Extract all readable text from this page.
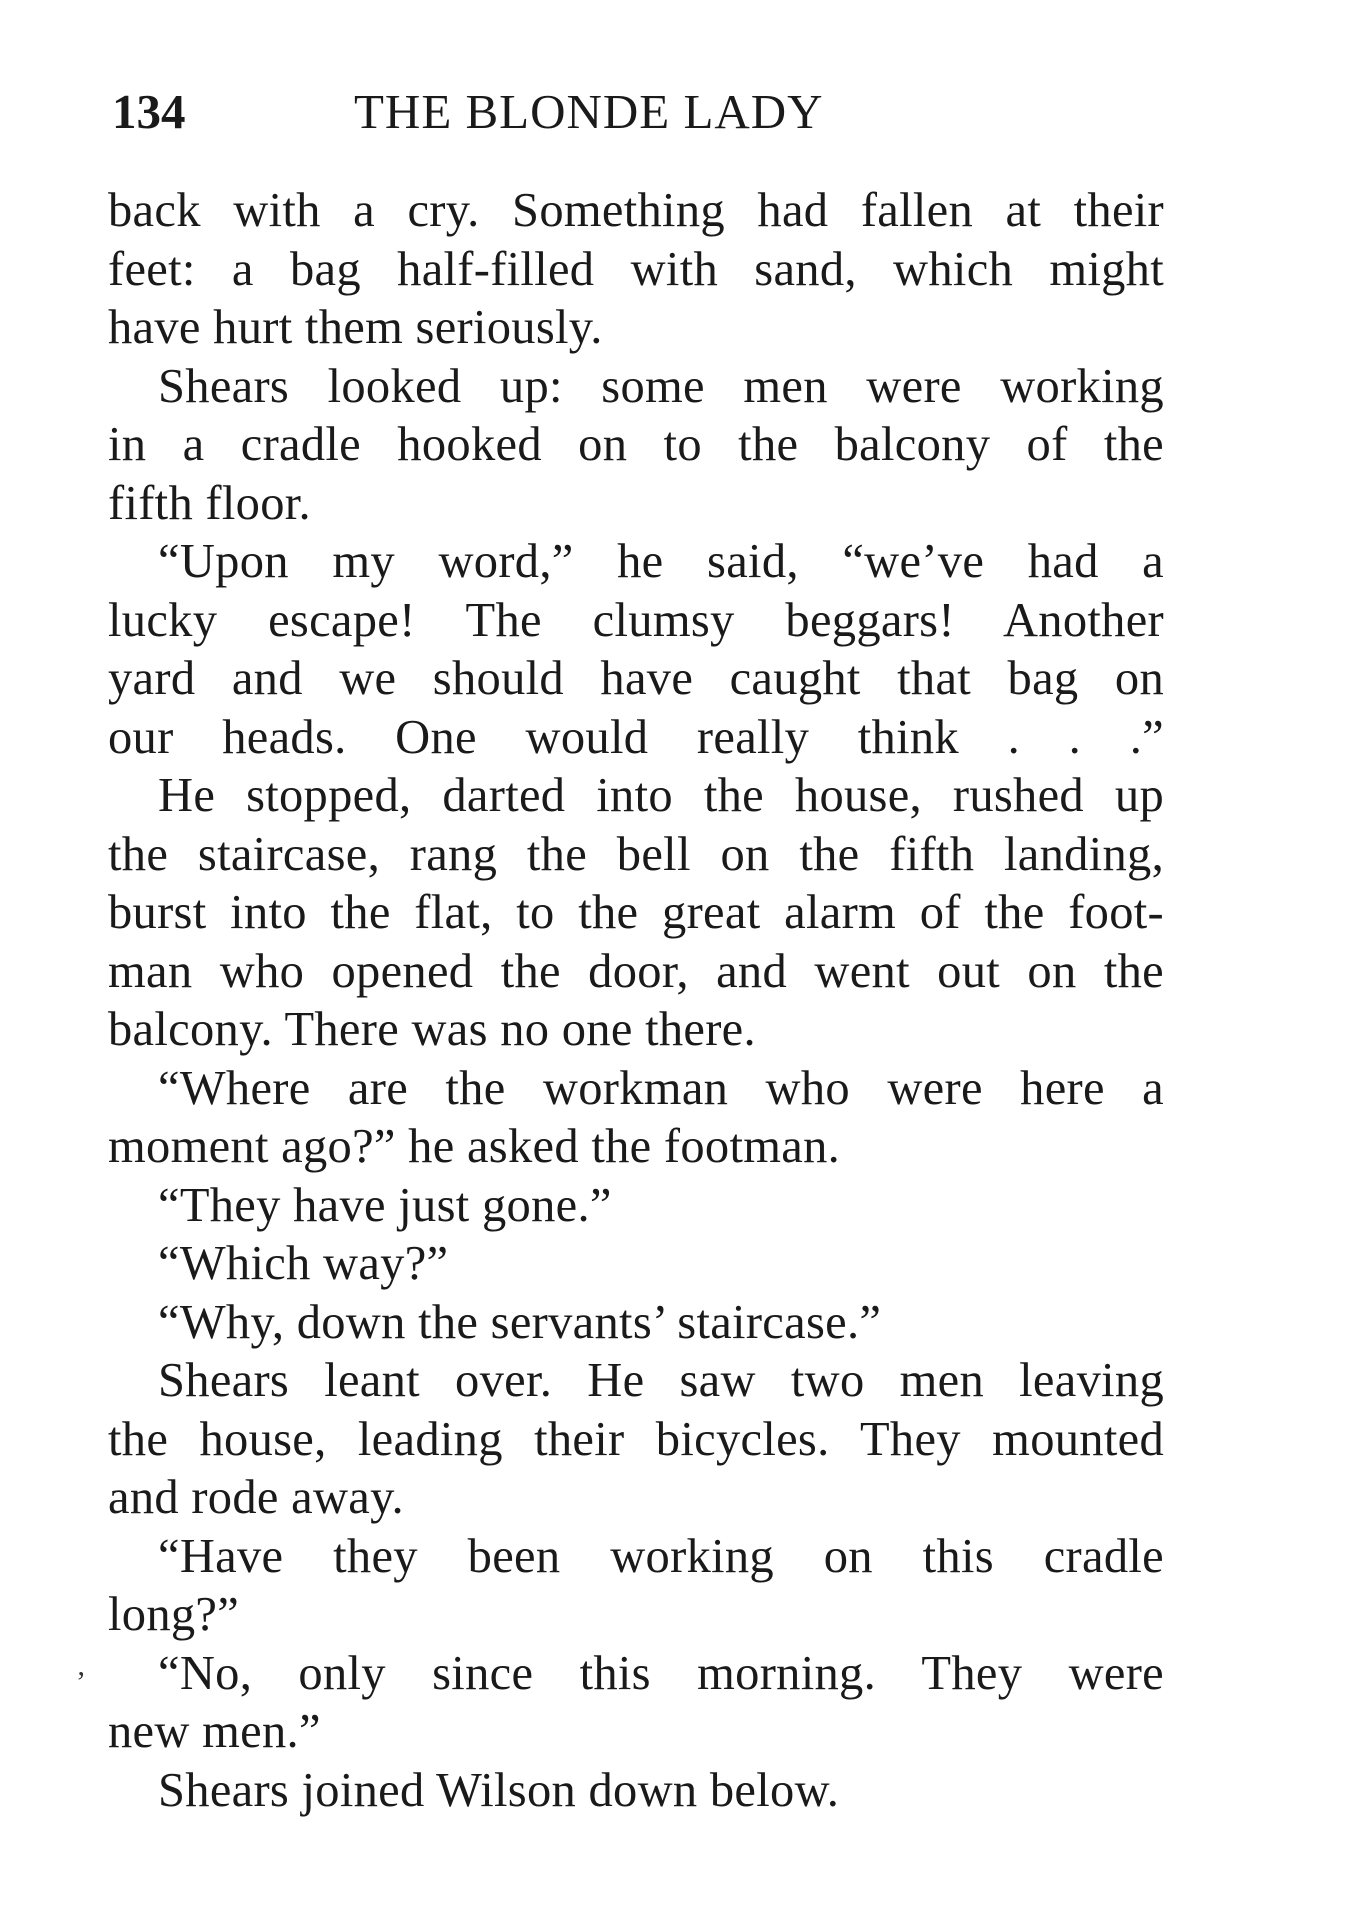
134	THE BLONDE LADY
back with a cry. Something had fallen at their
feet: a bag half-filled with sand, which might
have hurt them seriously.
Shears looked up: some men were working
in a cradle hooked on to the balcony of the
fifth floor.
“Upon my word,” he said, “we’ve had a
lucky escape! The clumsy beggars! Another
yard and we should have caught that bag on
our heads. One would really think . . .”
He stopped, darted into the house, rushed up
the staircase, rang the bell on the fifth landing,
burst into the flat, to the great alarm of the foot-
man who opened the door, and went out on the
balcony. There was no one there.
“Where are the workman who were here a
moment ago?” he asked the footman.
“They have just gone.”
“Which way?”
“Why, down the servants’ staircase.”
Shears leant over. He saw two men leaving
the house, leading their bicycles. They mounted
and rode away.
“Have they been working on this cradle
long?”
“No, only since this morning. They were
new men.”
Shears joined Wilson down below.
ʼ
